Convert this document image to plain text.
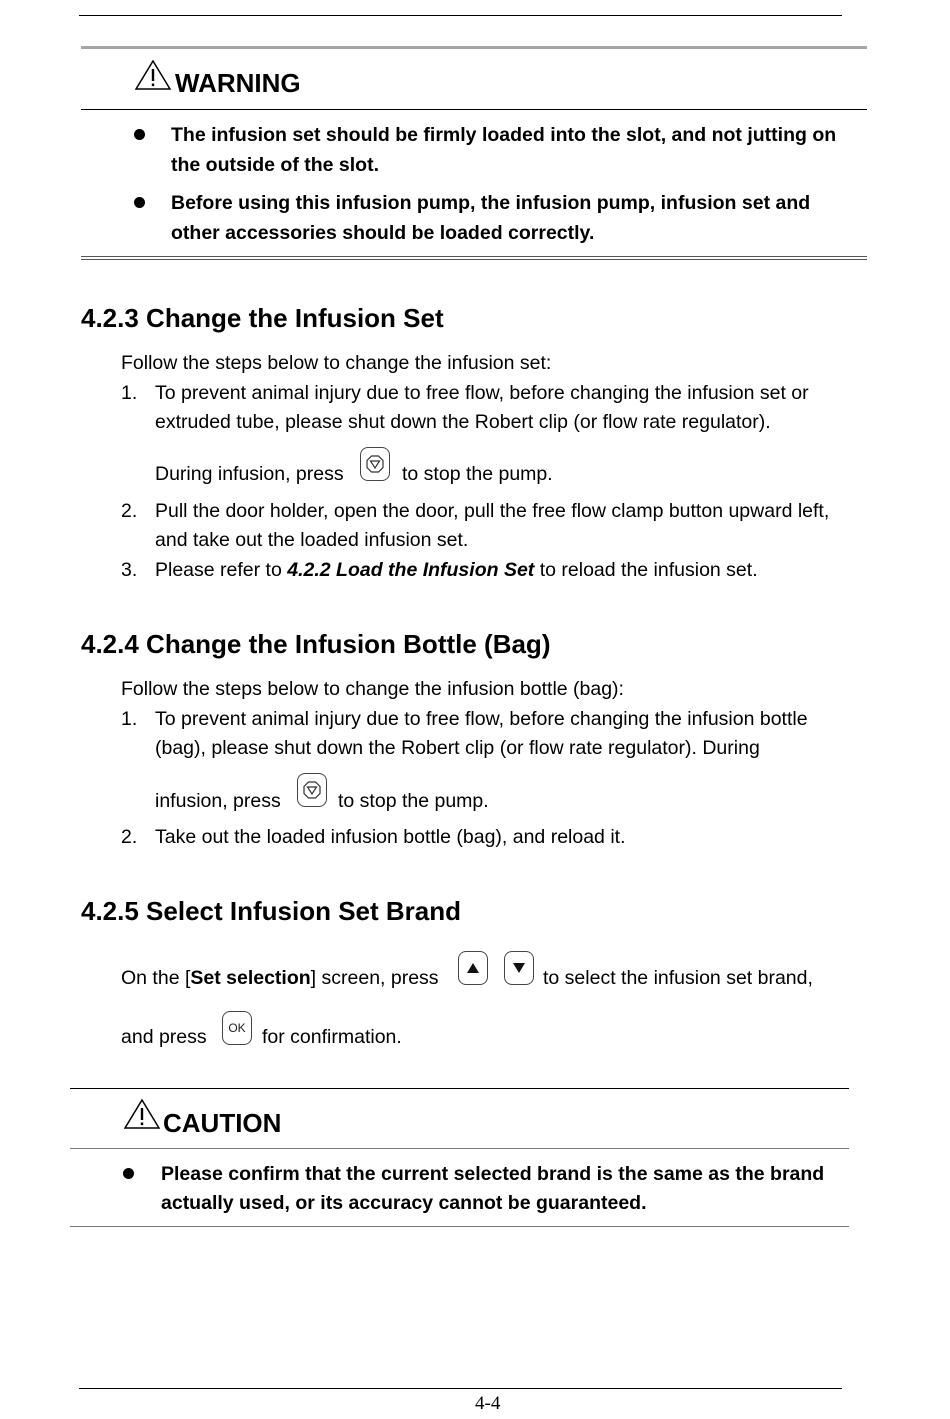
WARNING
The infusion set should be firmly loaded into the slot, and not jutting on
the outside of the slot.
Before using this infusion pump, the infusion pump, infusion set and
other accessories should be loaded correctly.
4.2.3 Change the Infusion Set
Follow the steps below to change the infusion set:
1. To prevent animal injury due to free flow, before changing the infusion set or
extruded tube, please shut down the Robert clip (or flow rate regulator).
During infusion, press	to stop the pump.
2. Pull the door holder, open the door, pull the free flow clamp button upward left,
and take out the loaded infusion set.
3. Please refer to 4.2.2 Load the Infusion Set to reload the infusion set.
4.2.4 Change the Infusion Bottle (Bag)
Follow the steps below to change the infusion bottle (bag):
1. To prevent animal injury due to free flow, before changing the infusion bottle
(bag), please shut down the Robert clip (or flow rate regulator). During
infusion, press	to stop the pump.
2. Take out the loaded infusion bottle (bag), and reload it.
4.2.5 Select Infusion Set Brand
On the [Set selection] screen, press	to select the infusion set brand,
and press OK for confirmation.
CAUTION
Please confirm that the current selected brand is the same as the brand
actually used, or its accuracy cannot be guaranteed.
4-4
